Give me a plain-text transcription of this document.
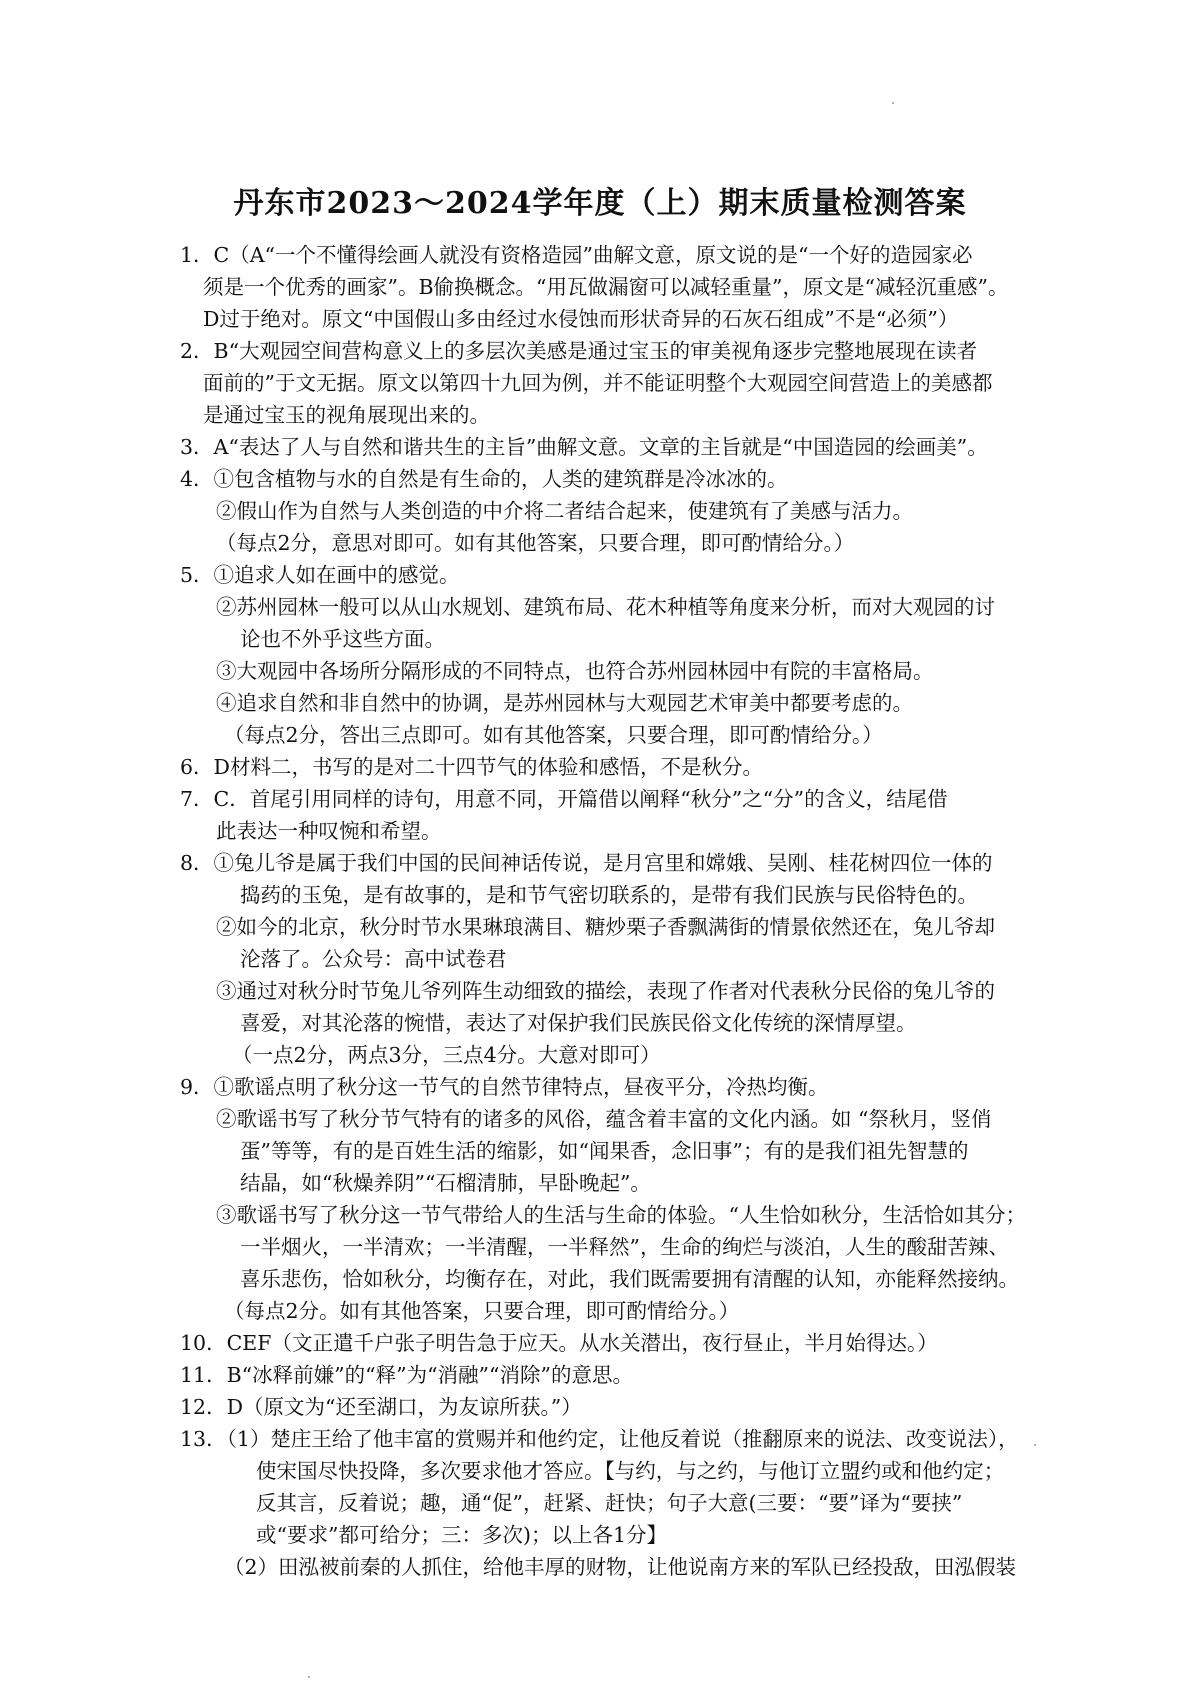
丹东市2023～2024学年度（上）期末质量检测答案
1．C（A“一个不懂得绘画人就没有资格造园”曲解文意，原文说的是“一个好的造园家必
须是一个优秀的画家”。B偷换概念。“用瓦做漏窗可以减轻重量”，原文是“减轻沉重感”。
D过于绝对。原文“中国假山多由经过水侵蚀而形状奇异的石灰石组成”不是“必须”）
2．B“大观园空间营构意义上的多层次美感是通过宝玉的审美视角逐步完整地展现在读者
面前的”于文无据。原文以第四十九回为例，并不能证明整个大观园空间营造上的美感都
是通过宝玉的视角展现出来的。
3．A“表达了人与自然和谐共生的主旨”曲解文意。文章的主旨就是“中国造园的绘画美”。
4．①包含植物与水的自然是有生命的，人类的建筑群是冷冰冰的。
②假山作为自然与人类创造的中介将二者结合起来，使建筑有了美感与活力。
（每点2分，意思对即可。如有其他答案，只要合理，即可酌情给分。）
5．①追求人如在画中的感觉。
②苏州园林一般可以从山水规划、建筑布局、花木种植等角度来分析，而对大观园的讨
论也不外乎这些方面。
③大观园中各场所分隔形成的不同特点，也符合苏州园林园中有院的丰富格局。
④追求自然和非自然中的协调，是苏州园林与大观园艺术审美中都要考虑的。
（每点2分，答出三点即可。如有其他答案，只要合理，即可酌情给分。）
6．D材料二，书写的是对二十四节气的体验和感悟，不是秋分。
7．C．首尾引用同样的诗句，用意不同，开篇借以阐释“秋分”之“分”的含义，结尾借
此表达一种叹惋和希望。
8．①兔儿爷是属于我们中国的民间神话传说，是月宫里和嫦娥、吴刚、桂花树四位一体的
捣药的玉兔，是有故事的，是和节气密切联系的，是带有我们民族与民俗特色的。
②如今的北京，秋分时节水果琳琅满目、糖炒栗子香飘满街的情景依然还在，兔儿爷却
沦落了。公众号：高中试卷君
③通过对秋分时节兔儿爷列阵生动细致的描绘，表现了作者对代表秋分民俗的兔儿爷的
喜爱，对其沦落的惋惜，表达了对保护我们民族民俗文化传统的深情厚望。
（一点2分，两点3分，三点4分。大意对即可）
9．①歌谣点明了秋分这一节气的自然节律特点，昼夜平分，冷热均衡。
②歌谣书写了秋分节气特有的诸多的风俗，蕴含着丰富的文化内涵。如 “祭秋月，竖俏
蛋”等等，有的是百姓生活的缩影，如“闻果香，念旧事”；有的是我们祖先智慧的
结晶，如“秋燥养阴”“石榴清肺，早卧晚起”。
③歌谣书写了秋分这一节气带给人的生活与生命的体验。“人生恰如秋分，生活恰如其分；
一半烟火，一半清欢；一半清醒，一半释然”，生命的绚烂与淡泊，人生的酸甜苦辣、
喜乐悲伤，恰如秋分，均衡存在，对此，我们既需要拥有清醒的认知，亦能释然接纳。
（每点2分。如有其他答案，只要合理，即可酌情给分。）
10．CEF（文正遣千户张子明告急于应天。从水关潜出，夜行昼止，半月始得达。）
11．B“冰释前嫌”的“释”为“消融”“消除”的意思。
12．D（原文为“还至湖口，为友谅所获。”）
13．（1）楚庄王给了他丰富的赏赐并和他约定，让他反着说（推翻原来的说法、改变说法），
使宋国尽快投降，多次要求他才答应。【与约，与之约，与他订立盟约或和他约定；
反其言，反着说；趣，通“促”，赶紧、赶快；句子大意(三要：“要”译为“要挟”
或“要求”都可给分；三：多次)；以上各1分】
（2）田泓被前秦的人抓住，给他丰厚的财物，让他说南方来的军队已经投敌，田泓假装
